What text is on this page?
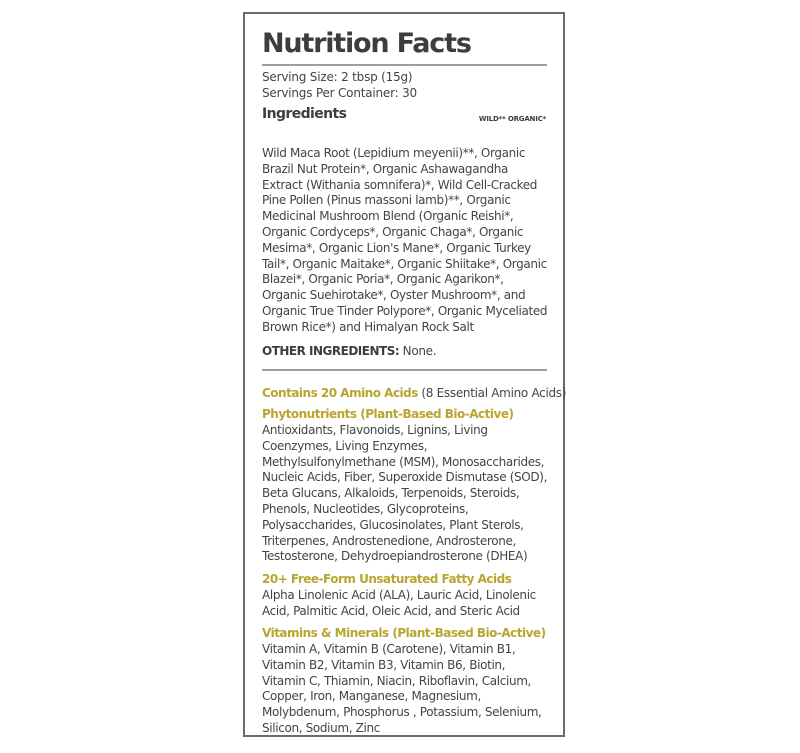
Nutrition Facts
Serving Size: 2 tbsp (15g)
Servings Per Container: 30
Ingredients	WILD** ORGANIC*
Wild Maca Root (Lepidium meyenii)**, Organic Brazil Nut Protein*, Organic Ashawagandha Extract (Withania somnifera)*, Wild Cell-Cracked Pine Pollen (Pinus massoni lamb)**, Organic Medicinal Mushroom Blend (Organic Reishi*, Organic Cordyceps*, Organic Chaga*, Organic Mesima*, Organic Lion's Mane*, Organic Turkey Tail*, Organic Maitake*, Organic Shiitake*, Organic Blazei*, Organic Poria*, Organic Agarikon*, Organic Suehirotake*, Oyster Mushroom*, and Organic True Tinder Polypore*, Organic Myceliated Brown Rice*) and Himalyan Rock Salt
OTHER INGREDIENTS: None.
Contains 20 Amino Acids (8 Essential Amino Acids)
Phytonutrients (Plant-Based Bio-Active)
Antioxidants, Flavonoids, Lignins, Living Coenzymes, Living Enzymes, Methylsulfonylmethane (MSM), Monosaccharides, Nucleic Acids, Fiber, Superoxide Dismutase (SOD), Beta Glucans, Alkaloids, Terpenoids, Steroids, Phenols, Nucleotides, Glycoproteins, Polysaccharides, Glucosinolates, Plant Sterols, Triterpenes, Androstenedione, Androsterone, Testosterone, Dehydroepiandrosterone (DHEA)
20+ Free-Form Unsaturated Fatty Acids
Alpha Linolenic Acid (ALA), Lauric Acid, Linolenic Acid, Palmitic Acid, Oleic Acid, and Steric Acid
Vitamins & Minerals (Plant-Based Bio-Active)
Vitamin A, Vitamin B (Carotene), Vitamin B1, Vitamin B2, Vitamin B3, Vitamin B6, Biotin, Vitamin C, Thiamin, Niacin, Riboflavin, Calcium, Copper, Iron, Manganese, Magnesium, Molybdenum, Phosphorus , Potassium, Selenium, Silicon, Sodium, Zinc
